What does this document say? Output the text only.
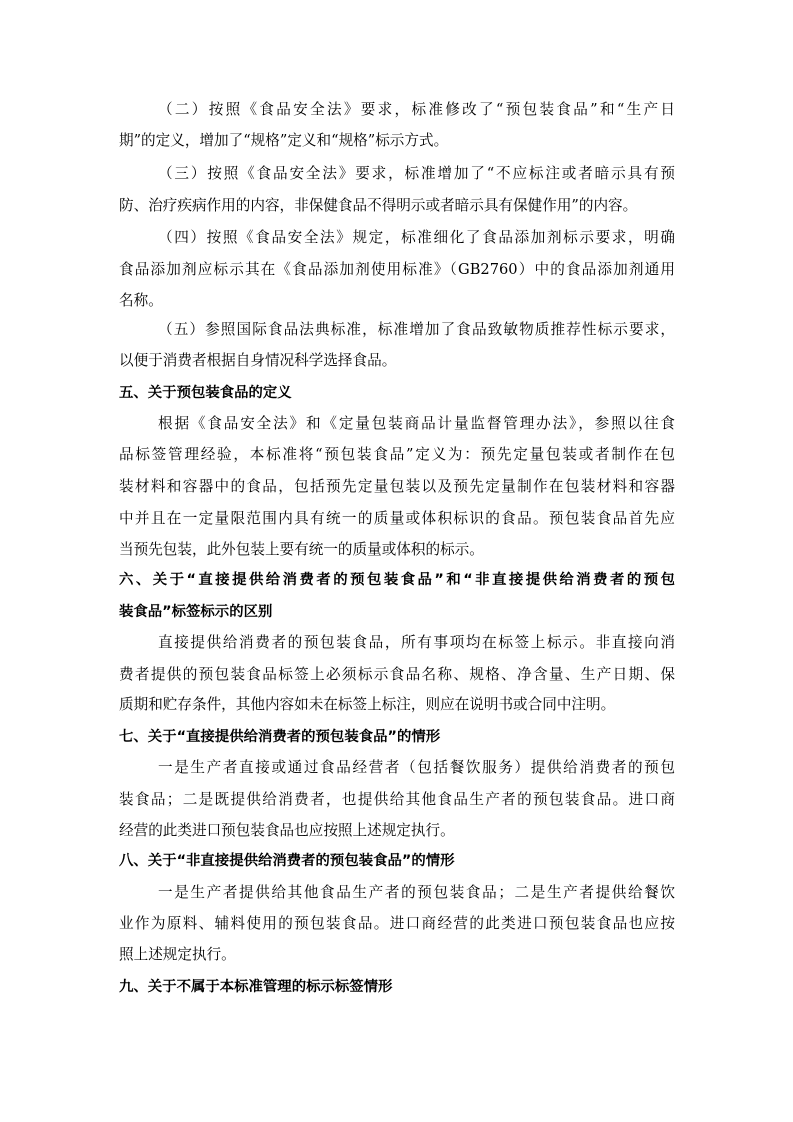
（二）按照《食品安全法》要求，标准修改了“预包装食品”和“生产日
期”的定义，增加了“规格”定义和“规格”标示方式。
（三）按照《食品安全法》要求，标准增加了“不应标注或者暗示具有预
防、治疗疾病作用的内容，非保健食品不得明示或者暗示具有保健作用”的内容。
（四）按照《食品安全法》规定，标准细化了食品添加剂标示要求，明确
食品添加剂应标示其在《食品添加剂使用标准》（GB2760）中的食品添加剂通用
名称。
（五）参照国际食品法典标准，标准增加了食品致敏物质推荐性标示要求，
以便于消费者根据自身情况科学选择食品。
五、关于预包装食品的定义
根据《食品安全法》和《定量包装商品计量监督管理办法》，参照以往食
品标签管理经验，本标准将“预包装食品”定义为：预先定量包装或者制作在包
装材料和容器中的食品，包括预先定量包装以及预先定量制作在包装材料和容器
中并且在一定量限范围内具有统一的质量或体积标识的食品。预包装食品首先应
当预先包装，此外包装上要有统一的质量或体积的标示。
六、关于“直接提供给消费者的预包装食品”和“非直接提供给消费者的预包
装食品”标签标示的区别
直接提供给消费者的预包装食品，所有事项均在标签上标示。非直接向消
费者提供的预包装食品标签上必须标示食品名称、规格、净含量、生产日期、保
质期和贮存条件，其他内容如未在标签上标注，则应在说明书或合同中注明。
七、关于“直接提供给消费者的预包装食品”的情形
一是生产者直接或通过食品经营者（包括餐饮服务）提供给消费者的预包
装食品；二是既提供给消费者，也提供给其他食品生产者的预包装食品。进口商
经营的此类进口预包装食品也应按照上述规定执行。
八、关于“非直接提供给消费者的预包装食品”的情形
一是生产者提供给其他食品生产者的预包装食品；二是生产者提供给餐饮
业作为原料、辅料使用的预包装食品。进口商经营的此类进口预包装食品也应按
照上述规定执行。
九、关于不属于本标准管理的标示标签情形
